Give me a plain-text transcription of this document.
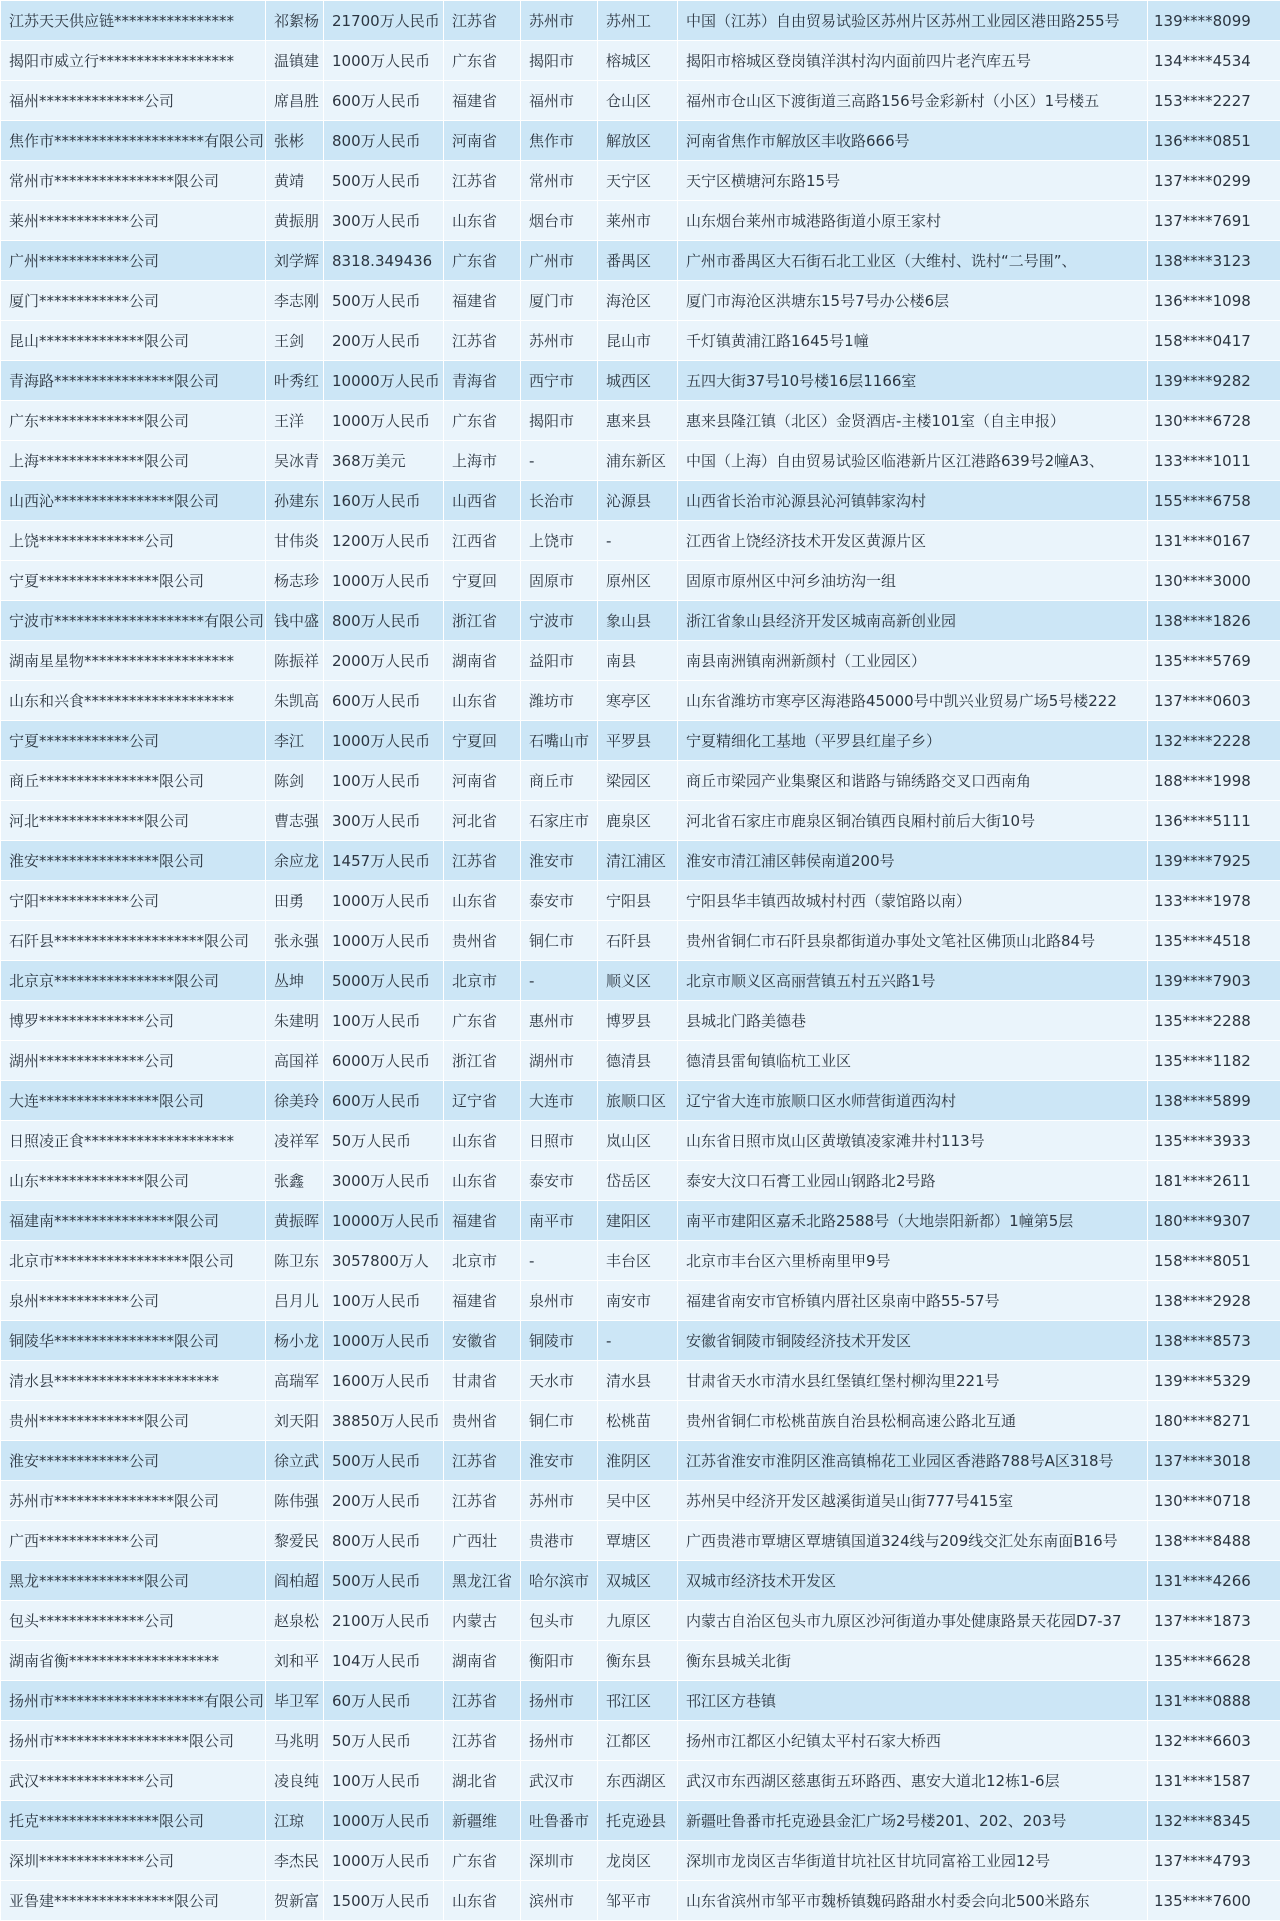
江苏天天供应链****************	祁絮杨	21700万人民币	江苏省	苏州市	苏州工	中国（江苏）自由贸易试验区苏州片区苏州工业园区港田路255号	139****8099
揭阳市威立行******************	温镇建	1000万人民币	广东省	揭阳市	榕城区	揭阳市榕城区登岗镇洋淇村沟内面前四片老汽库五号	134****4534
福州**************公司	席昌胜	600万人民币	福建省	福州市	仓山区	福州市仓山区下渡街道三高路156号金彩新村（小区）1号楼五	153****2227
焦作市********************有限公司	张彬	800万人民币	河南省	焦作市	解放区	河南省焦作市解放区丰收路666号	136****0851
常州市****************限公司	黄靖	500万人民币	江苏省	常州市	天宁区	天宁区横塘河东路15号	137****0299
莱州************公司	黄振朋	300万人民币	山东省	烟台市	莱州市	山东烟台莱州市城港路街道小原王家村	137****7691
广州************公司	刘学辉	8318.349436	广东省	广州市	番禺区	广州市番禺区大石街石北工业区（大维村、诜村“二号围”、	138****3123
厦门************公司	李志刚	500万人民币	福建省	厦门市	海沧区	厦门市海沧区洪塘东15号7号办公楼6层	136****1098
昆山**************限公司	王剑	200万人民币	江苏省	苏州市	昆山市	千灯镇黄浦江路1645号1幢	158****0417
青海路****************限公司	叶秀红	10000万人民币	青海省	西宁市	城西区	五四大街37号10号楼16层1166室	139****9282
广东**************限公司	王洋	1000万人民币	广东省	揭阳市	惠来县	惠来县隆江镇（北区）金贤酒店-主楼101室（自主申报）	130****6728
上海**************限公司	吴冰青	368万美元	上海市	-	浦东新区	中国（上海）自由贸易试验区临港新片区江港路639号2幢A3、	133****1011
山西沁****************限公司	孙建东	160万人民币	山西省	长治市	沁源县	山西省长治市沁源县沁河镇韩家沟村	155****6758
上饶**************公司	甘伟炎	1200万人民币	江西省	上饶市	-	江西省上饶经济技术开发区黄源片区	131****0167
宁夏****************限公司	杨志珍	1000万人民币	宁夏回	固原市	原州区	固原市原州区中河乡油坊沟一组	130****3000
宁波市********************有限公司	钱中盛	800万人民币	浙江省	宁波市	象山县	浙江省象山县经济开发区城南高新创业园	138****1826
湖南星星物********************	陈振祥	2000万人民币	湖南省	益阳市	南县	南县南洲镇南洲新颜村（工业园区）	135****5769
山东和兴食********************	朱凯高	600万人民币	山东省	潍坊市	寒亭区	山东省潍坊市寒亭区海港路45000号中凯兴业贸易广场5号楼222	137****0603
宁夏************公司	李江	1000万人民币	宁夏回	石嘴山市	平罗县	宁夏精细化工基地（平罗县红崖子乡）	132****2228
商丘****************限公司	陈剑	100万人民币	河南省	商丘市	梁园区	商丘市梁园产业集聚区和谐路与锦绣路交叉口西南角	188****1998
河北**************限公司	曹志强	300万人民币	河北省	石家庄市	鹿泉区	河北省石家庄市鹿泉区铜冶镇西良厢村前后大街10号	136****5111
淮安****************限公司	余应龙	1457万人民币	江苏省	淮安市	清江浦区	淮安市清江浦区韩侯南道200号	139****7925
宁阳************公司	田勇	1000万人民币	山东省	泰安市	宁阳县	宁阳县华丰镇西故城村村西（蒙馆路以南）	133****1978
石阡县********************限公司	张永强	1000万人民币	贵州省	铜仁市	石阡县	贵州省铜仁市石阡县泉都街道办事处文笔社区佛顶山北路84号	135****4518
北京京****************限公司	丛坤	5000万人民币	北京市	-	顺义区	北京市顺义区高丽营镇五村五兴路1号	139****7903
博罗**************公司	朱建明	100万人民币	广东省	惠州市	博罗县	县城北门路美德巷	135****2288
湖州**************公司	高国祥	6000万人民币	浙江省	湖州市	德清县	德清县雷甸镇临杭工业区	135****1182
大连****************限公司	徐美玲	600万人民币	辽宁省	大连市	旅顺口区	辽宁省大连市旅顺口区水师营街道西沟村	138****5899
日照凌正食********************	凌祥军	50万人民币	山东省	日照市	岚山区	山东省日照市岚山区黄墩镇凌家滩井村113号	135****3933
山东**************限公司	张鑫	3000万人民币	山东省	泰安市	岱岳区	泰安大汶口石膏工业园山钢路北2号路	181****2611
福建南****************限公司	黄振晖	10000万人民币	福建省	南平市	建阳区	南平市建阳区嘉禾北路2588号（大地崇阳新都）1幢第5层	180****9307
北京市******************限公司	陈卫东	3057800万人	北京市	-	丰台区	北京市丰台区六里桥南里甲9号	158****8051
泉州************公司	吕月儿	100万人民币	福建省	泉州市	南安市	福建省南安市官桥镇内厝社区泉南中路55-57号	138****2928
铜陵华****************限公司	杨小龙	1000万人民币	安徽省	铜陵市	-	安徽省铜陵市铜陵经济技术开发区	138****8573
清水县**********************	高瑞军	1600万人民币	甘肃省	天水市	清水县	甘肃省天水市清水县红堡镇红堡村柳沟里221号	139****5329
贵州**************限公司	刘天阳	38850万人民币	贵州省	铜仁市	松桃苗	贵州省铜仁市松桃苗族自治县松桐高速公路北互通	180****8271
淮安************公司	徐立武	500万人民币	江苏省	淮安市	淮阴区	江苏省淮安市淮阴区淮高镇棉花工业园区香港路788号A区318号	137****3018
苏州市****************限公司	陈伟强	200万人民币	江苏省	苏州市	吴中区	苏州吴中经济开发区越溪街道吴山街777号415室	130****0718
广西************公司	黎爱民	800万人民币	广西壮	贵港市	覃塘区	广西贵港市覃塘区覃塘镇国道324线与209线交汇处东南面B16号	138****8488
黑龙**************限公司	阎柏超	500万人民币	黑龙江省	哈尔滨市	双城区	双城市经济技术开发区	131****4266
包头**************公司	赵泉松	2100万人民币	内蒙古	包头市	九原区	内蒙古自治区包头市九原区沙河街道办事处健康路景天花园D7-37	137****1873
湖南省衡********************	刘和平	104万人民币	湖南省	衡阳市	衡东县	衡东县城关北街	135****6628
扬州市********************有限公司	毕卫军	60万人民币	江苏省	扬州市	邗江区	邗江区方巷镇	131****0888
扬州市******************限公司	马兆明	50万人民币	江苏省	扬州市	江都区	扬州市江都区小纪镇太平村石家大桥西	132****6603
武汉**************公司	凌良纯	100万人民币	湖北省	武汉市	东西湖区	武汉市东西湖区慈惠街五环路西、惠安大道北12栋1-6层	131****1587
托克****************限公司	江琼	1000万人民币	新疆维	吐鲁番市	托克逊县	新疆吐鲁番市托克逊县金汇广场2号楼201、202、203号	132****8345
深圳**************公司	李杰民	1000万人民币	广东省	深圳市	龙岗区	深圳市龙岗区吉华街道甘坑社区甘坑同富裕工业园12号	137****4793
亚鲁建****************限公司	贺新富	1500万人民币	山东省	滨州市	邹平市	山东省滨州市邹平市魏桥镇魏码路甜水村委会向北500米路东	135****7600
